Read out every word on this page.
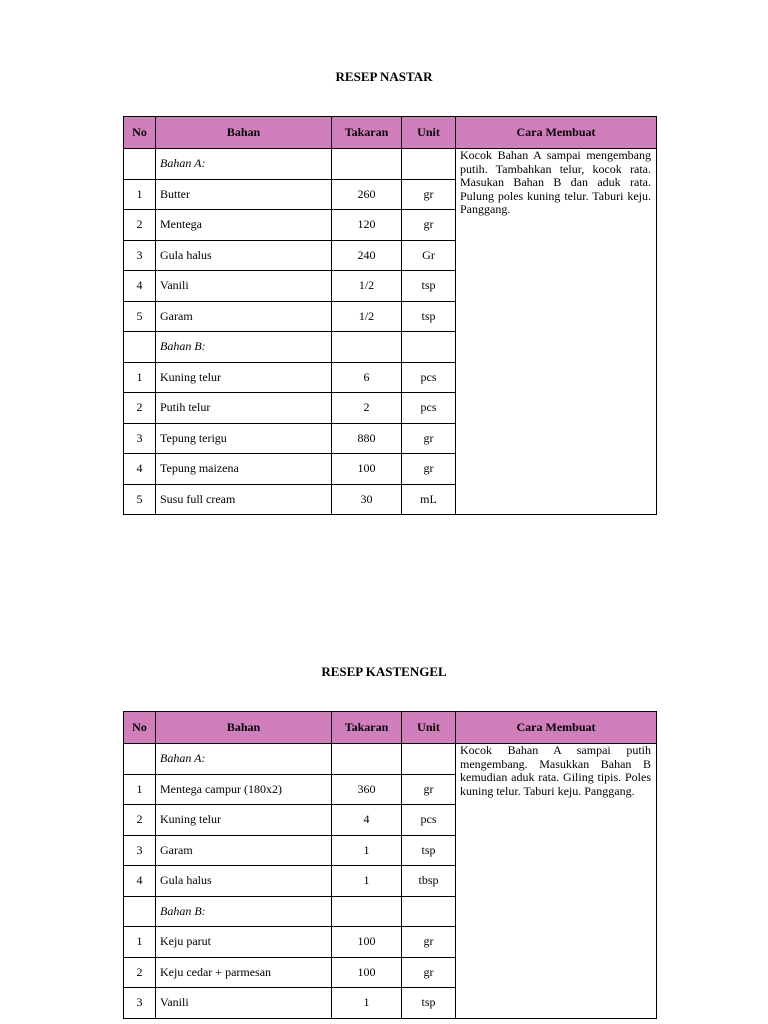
RESEP NASTAR
No	Bahan	Takaran	Unit	Cara Membuat
	Bahan A:			Kocok Bahan A sampai mengembang putih. Tambahkan telur, kocok rata. Masukan Bahan B dan aduk rata. Pulung poles kuning telur. Taburi keju. Panggang.

1	Butter	260	gr	
2	Mentega	120	gr	
3	Gula halus	240	Gr	
4	Vanili	1/2	tsp	
5	Garam	1/2	tsp	
	Bahan B:			
1	Kuning telur	6	pcs	
2	Putih telur	2	pcs	
3	Tepung terigu	880	gr	
4	Tepung maizena	100	gr	
5	Susu full cream	30	mL	
RESEP KASTENGEL
No	Bahan	Takaran	Unit	Cara Membuat
	Bahan A:			Kocok Bahan A sampai putih mengembang. Masukkan Bahan B kemudian aduk rata. Giling tipis. Poles kuning telur. Taburi keju. Panggang.

1	Mentega campur (180x2)	360	gr	
2	Kuning telur	4	pcs	
3	Garam	1	tsp	
4	Gula halus	1	tbsp	
	Bahan B:			
1	Keju parut	100	gr	
2	Keju cedar + parmesan	100	gr	
3	Vanili	1	tsp	
